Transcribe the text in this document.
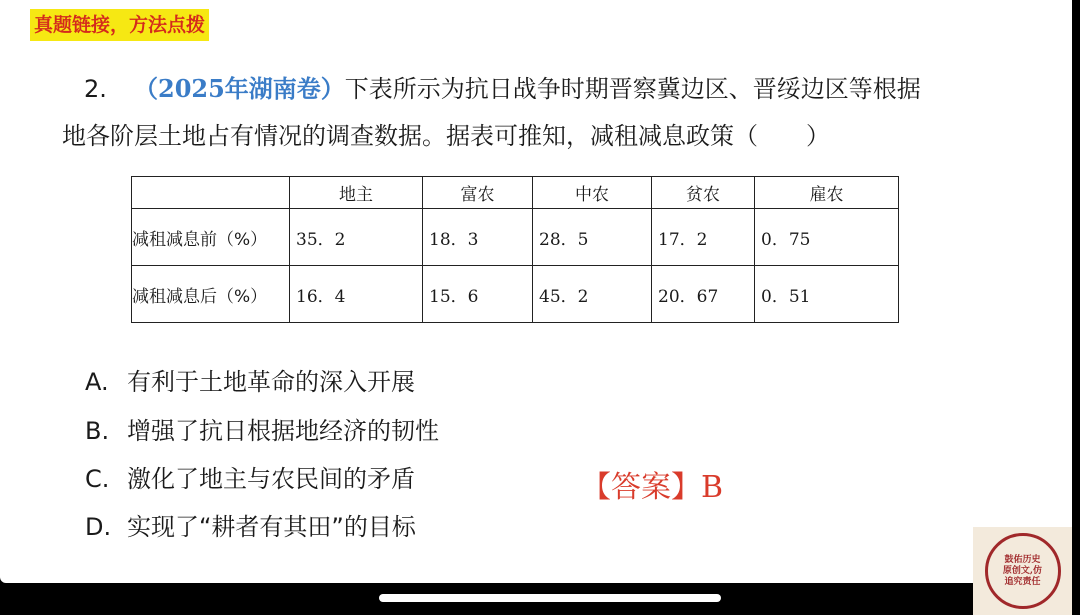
真题链接，方法点拨
2. （2025年湖南卷）下表所示为抗日战争时期晋察冀边区、晋绥边区等根据
地各阶层土地占有情况的调查数据。据表可推知，减租减息政策（　　）
	地主	富农	中农	贫农	雇农
减租减息前（%）	35．2	18．3	28．5	17．2	0．75
减租减息后（%）	16．4	15．6	45．2	20．67	0．51
A. 有利于土地革命的深入开展
B. 增强了抗日根据地经济的韧性
C. 激化了地主与农民间的矛盾
D. 实现了“耕者有其田”的目标
【答案】B
鼓佑历史
原创文,仿
追究责任
